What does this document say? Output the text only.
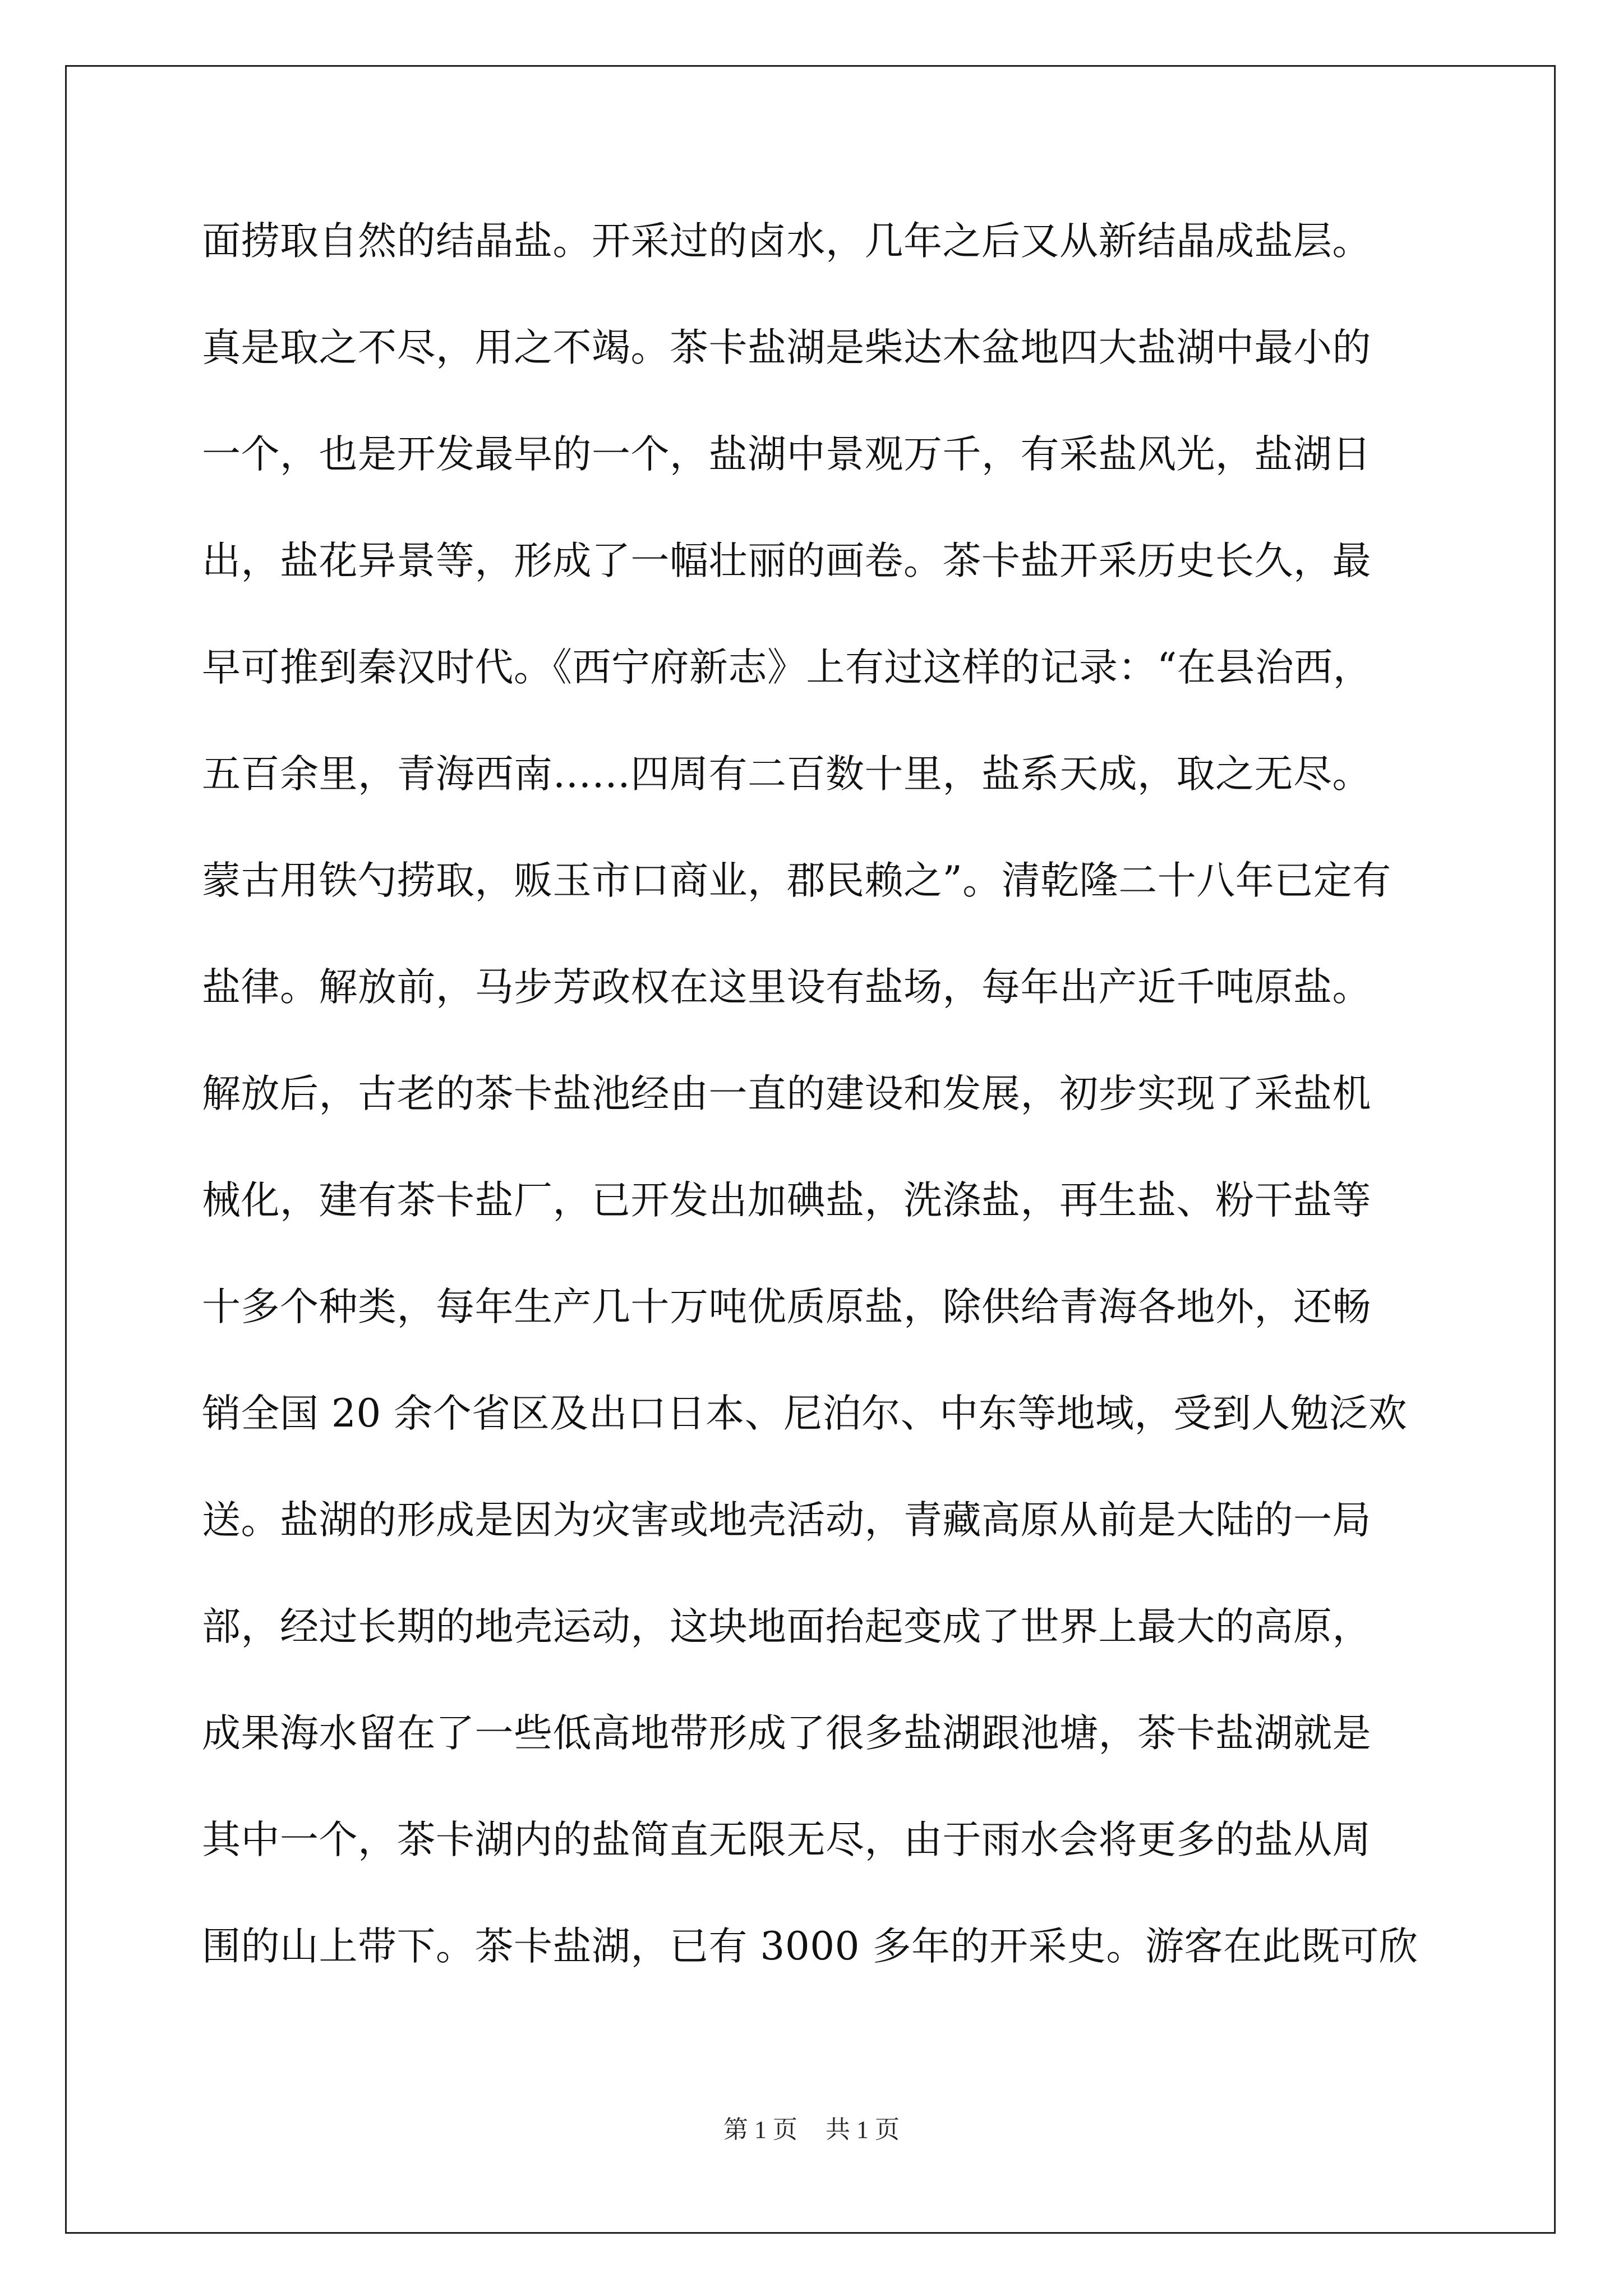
面捞取自然的结晶盐。开采过的卤水，几年之后又从新结晶成盐层。
真是取之不尽，用之不竭。茶卡盐湖是柴达木盆地四大盐湖中最小的
一个，也是开发最早的一个，盐湖中景观万千，有采盐风光，盐湖日
出，盐花异景等，形成了一幅壮丽的画卷。茶卡盐开采历史长久，最
早可推到秦汉时代。《西宁府新志》上有过这样的记录：“在县治西，
五百余里，青海西南……四周有二百数十里，盐系天成，取之无尽。
蒙古用铁勺捞取，贩玉市口商业，郡民赖之”。清乾隆二十八年已定有
盐律。解放前，马步芳政权在这里设有盐场，每年出产近千吨原盐。
解放后，古老的茶卡盐池经由一直的建设和发展，初步实现了采盐机
械化，建有茶卡盐厂，已开发出加碘盐，洗涤盐，再生盐、粉干盐等
十多个种类，每年生产几十万吨优质原盐，除供给青海各地外，还畅
销全国 20 余个省区及出口日本、尼泊尔、中东等地域，受到人勉泛欢
送。盐湖的形成是因为灾害或地壳活动，青藏高原从前是大陆的一局
部，经过长期的地壳运动，这块地面抬起变成了世界上最大的高原，
成果海水留在了一些低高地带形成了很多盐湖跟池塘，茶卡盐湖就是
其中一个，茶卡湖内的盐简直无限无尽，由于雨水会将更多的盐从周
围的山上带下。茶卡盐湖，已有 3000 多年的开采史。游客在此既可欣
第 1 页 共 1 页
